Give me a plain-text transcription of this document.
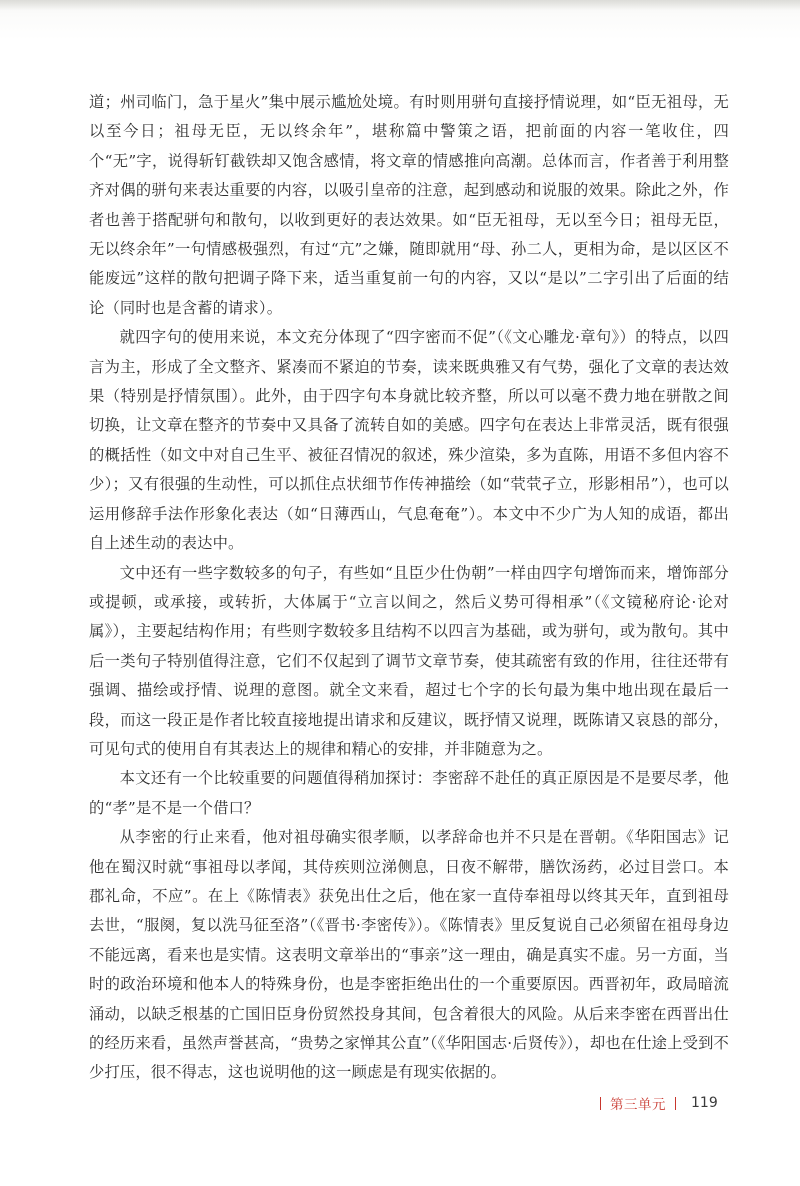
道；州司临门，急于星火”集中展示尴尬处境。有时则用骈句直接抒情说理，如“臣无祖母，无以至今日；祖母无臣，无以终余年”，堪称篇中警策之语，把前面的内容一笔收住，四个“无”字，说得斩钉截铁却又饱含感情，将文章的情感推向高潮。总体而言，作者善于利用整齐对偶的骈句来表达重要的内容，以吸引皇帝的注意，起到感动和说服的效果。除此之外，作者也善于搭配骈句和散句，以收到更好的表达效果。如“臣无祖母，无以至今日；祖母无臣，无以终余年”一句情感极强烈，有过“亢”之嫌，随即就用“母、孙二人，更相为命，是以区区不能废远”这样的散句把调子降下来，适当重复前一句的内容，又以“是以”二字引出了后面的结论（同时也是含蓄的请求）。

就四字句的使用来说，本文充分体现了“四字密而不促”（《文心雕龙·章句》）的特点，以四言为主，形成了全文整齐、紧凑而不紧迫的节奏，读来既典雅又有气势，强化了文章的表达效果（特别是抒情氛围）。此外，由于四字句本身就比较齐整，所以可以毫不费力地在骈散之间切换，让文章在整齐的节奏中又具备了流转自如的美感。四字句在表达上非常灵活，既有很强的概括性（如文中对自己生平、被征召情况的叙述，殊少渲染，多为直陈，用语不多但内容不少）；又有很强的生动性，可以抓住点状细节作传神描绘（如“茕茕孑立，形影相吊”），也可以运用修辞手法作形象化表达（如“日薄西山，气息奄奄”）。本文中不少广为人知的成语，都出自上述生动的表达中。

文中还有一些字数较多的句子，有些如“且臣少仕伪朝”一样由四字句增饰而来，增饰部分或提顿，或承接，或转折，大体属于“立言以间之，然后义势可得相承”（《文镜秘府论·论对属》），主要起结构作用；有些则字数较多且结构不以四言为基础，或为骈句，或为散句。其中后一类句子特别值得注意，它们不仅起到了调节文章节奏，使其疏密有致的作用，往往还带有强调、描绘或抒情、说理的意图。就全文来看，超过七个字的长句最为集中地出现在最后一段，而这一段正是作者比较直接地提出请求和反建议，既抒情又说理，既陈请又哀恳的部分，可见句式的使用自有其表达上的规律和精心的安排，并非随意为之。

本文还有一个比较重要的问题值得稍加探讨：李密辞不赴任的真正原因是不是要尽孝，他的“孝”是不是一个借口？

从李密的行止来看，他对祖母确实很孝顺，以孝辞命也并不只是在晋朝。《华阳国志》记他在蜀汉时就“事祖母以孝闻，其侍疾则泣涕侧息，日夜不解带，膳饮汤药，必过目尝口。本郡礼命，不应”。在上《陈情表》获免出仕之后，他在家一直侍奉祖母以终其天年，直到祖母去世，“服阕，复以洗马征至洛”（《晋书·李密传》）。《陈情表》里反复说自己必须留在祖母身边不能远离，看来也是实情。这表明文章举出的“事亲”这一理由，确是真实不虚。另一方面，当时的政治环境和他本人的特殊身份，也是李密拒绝出仕的一个重要原因。西晋初年，政局暗流涌动，以缺乏根基的亡国旧臣身份贸然投身其间，包含着很大的风险。从后来李密在西晋出仕的经历来看，虽然声誉甚高，“贵势之家惮其公直”（《华阳国志·后贤传》），却也在仕途上受到不少打压，很不得志，这也说明他的这一顾虑是有现实依据的。

第三单元 119
